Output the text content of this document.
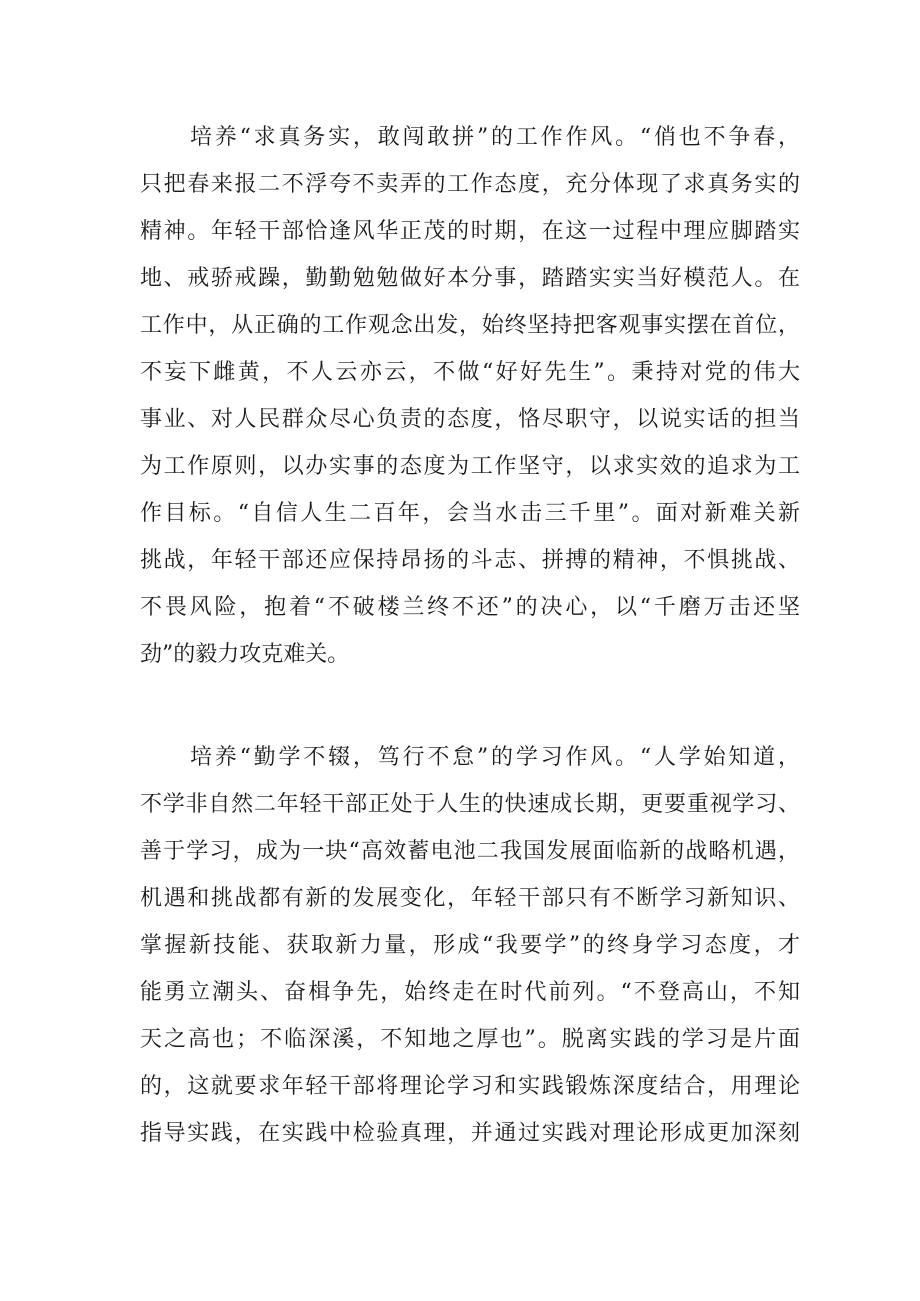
培养“求真务实，敢闯敢拼”的工作作风。“俏也不争春，
只把春来报二不浮夸不卖弄的工作态度，充分体现了求真务实的
精神。年轻干部恰逢风华正茂的时期，在这一过程中理应脚踏实
地、戒骄戒躁，勤勤勉勉做好本分事，踏踏实实当好模范人。在
工作中，从正确的工作观念出发，始终坚持把客观事实摆在首位，
不妄下雌黄，不人云亦云，不做“好好先生”。秉持对党的伟大
事业、对人民群众尽心负责的态度，恪尽职守，以说实话的担当
为工作原则，以办实事的态度为工作坚守，以求实效的追求为工
作目标。“自信人生二百年，会当水击三千里”。面对新难关新
挑战，年轻干部还应保持昂扬的斗志、拼搏的精神，不惧挑战、
不畏风险，抱着“不破楼兰终不还”的决心，以“千磨万击还坚
劲”的毅力攻克难关。
培养“勤学不辍，笃行不怠”的学习作风。“人学始知道，
不学非自然二年轻干部正处于人生的快速成长期，更要重视学习、
善于学习，成为一块“高效蓄电池二我国发展面临新的战略机遇，
机遇和挑战都有新的发展变化，年轻干部只有不断学习新知识、
掌握新技能、获取新力量，形成“我要学”的终身学习态度，才
能勇立潮头、奋楫争先，始终走在时代前列。“不登高山，不知
天之高也；不临深溪，不知地之厚也”。脱离实践的学习是片面
的，这就要求年轻干部将理论学习和实践锻炼深度结合，用理论
指导实践，在实践中检验真理，并通过实践对理论形成更加深刻
